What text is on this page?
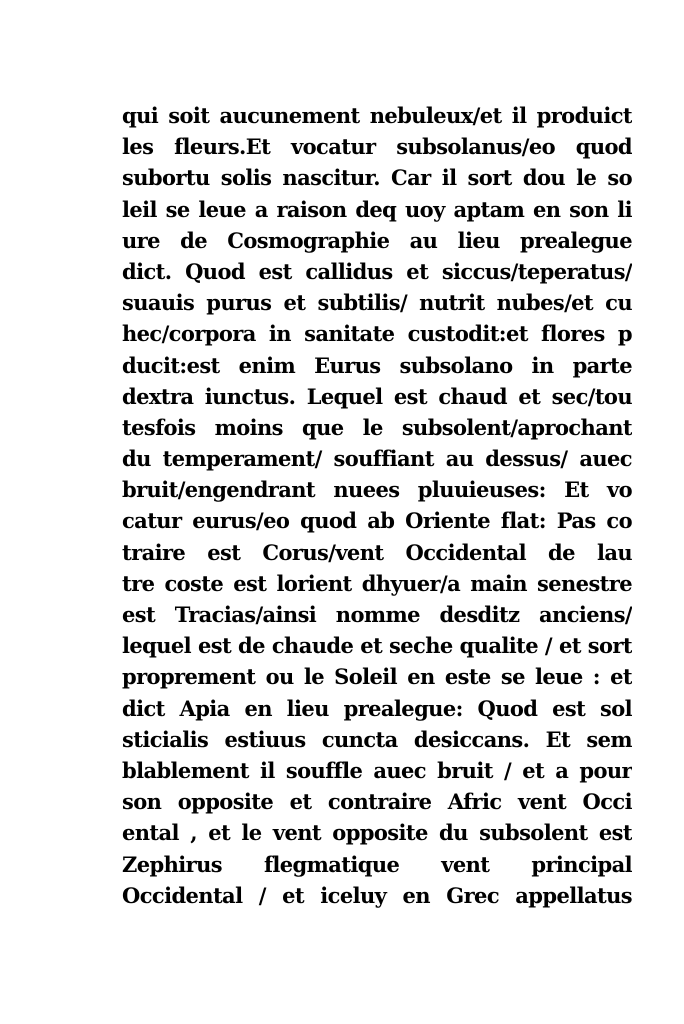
qui soit aucunement nebuleux/et il produict
les fleurs.Et vocatur subsolanus/eo quod
subortu solis nascitur. Car il sort dou le so
leil se leue a raison deq uoy aptam en son li
ure de Cosmographie au lieu prealegue
dict. Quod est callidus et siccus/teperatus/
suauis purus et subtilis/ nutrit nubes/et cu
hec/corpora in sanitate custodit:et flores p
ducit:est enim Eurus subsolano in parte
dextra iunctus. Lequel est chaud et sec/tou
tesfois moins que le subsolent/aprochant
du temperament/ souffiant au dessus/ auec
bruit/engendrant nuees pluuieuses: Et vo
catur eurus/eo quod ab Oriente flat: Pas co
traire est Corus/vent Occidental de lau
tre coste est lorient dhyuer/a main senestre
est Tracias/ainsi nomme desditz anciens/
lequel est de chaude et seche qualite / et sort
proprement ou le Soleil en este se leue : et
dict Apia en lieu prealegue: Quod est sol
sticialis estiuus cuncta desiccans. Et sem
blablement il souffle auec bruit / et a pour
son opposite et contraire Afric vent Occi
ental , et le vent opposite du subsolent est
Zephirus flegmatique vent principal
Occidental / et iceluy en Grec appellatus
